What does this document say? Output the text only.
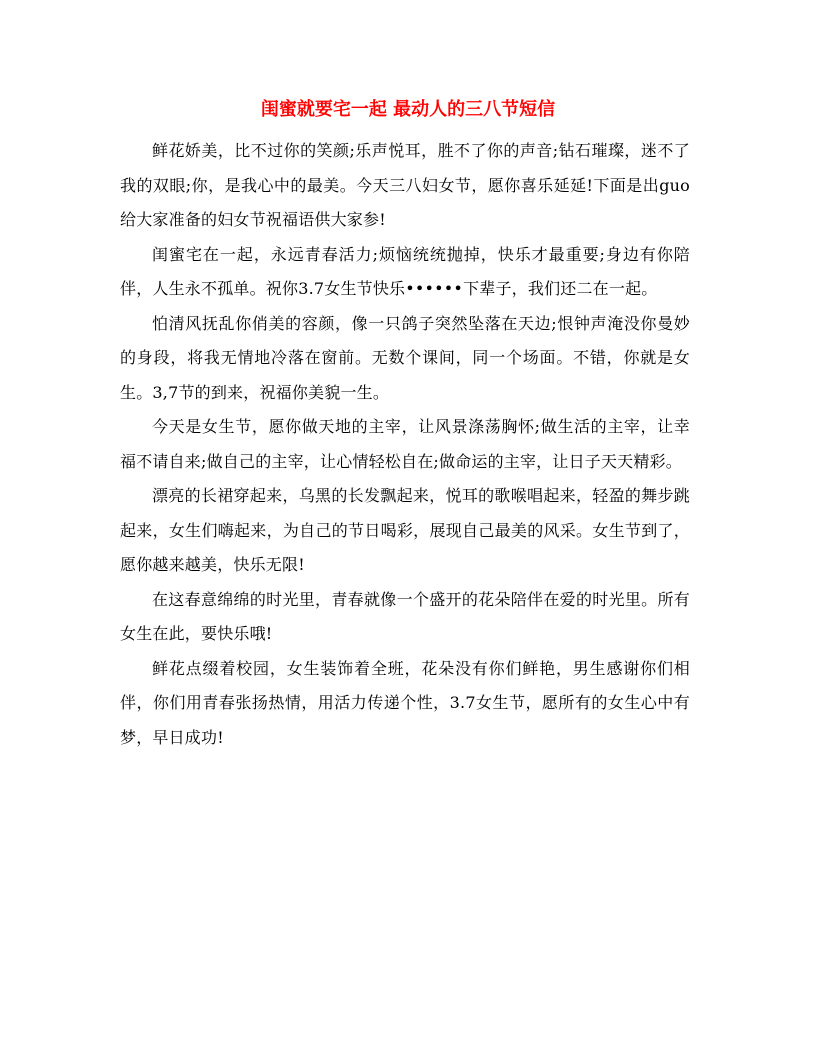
闺蜜就要宅一起 最动人的三八节短信

鲜花娇美，比不过你的笑颜;乐声悦耳，胜不了你的声音;钻石璀璨，迷不了我的双眼;你，是我心中的最美。今天三八妇女节，愿你喜乐延延!下面是出guo给大家准备的妇女节祝福语供大家参!

闺蜜宅在一起，永远青春活力;烦恼统统抛掉，快乐才最重要;身边有你陪伴，人生永不孤单。祝你3.7女生节快乐••••••下辈子，我们还二在一起。

怕清风抚乱你俏美的容颜，像一只鸽子突然坠落在天边;恨钟声淹没你曼妙的身段，将我无情地冷落在窗前。无数个课间，同一个场面。不错，你就是女生。3,7节的到来，祝福你美貌一生。

今天是女生节，愿你做天地的主宰，让风景涤荡胸怀;做生活的主宰，让幸福不请自来;做自己的主宰，让心情轻松自在;做命运的主宰，让日子天天精彩。

漂亮的长裙穿起来，乌黑的长发飘起来，悦耳的歌喉唱起来，轻盈的舞步跳起来，女生们嗨起来，为自己的节日喝彩，展现自己最美的风采。女生节到了，愿你越来越美，快乐无限!

在这春意绵绵的时光里，青春就像一个盛开的花朵陪伴在爱的时光里。所有女生在此，要快乐哦!

鲜花点缀着校园，女生装饰着全班，花朵没有你们鲜艳，男生感谢你们相伴，你们用青春张扬热情，用活力传递个性，3.7女生节，愿所有的女生心中有梦，早日成功!
